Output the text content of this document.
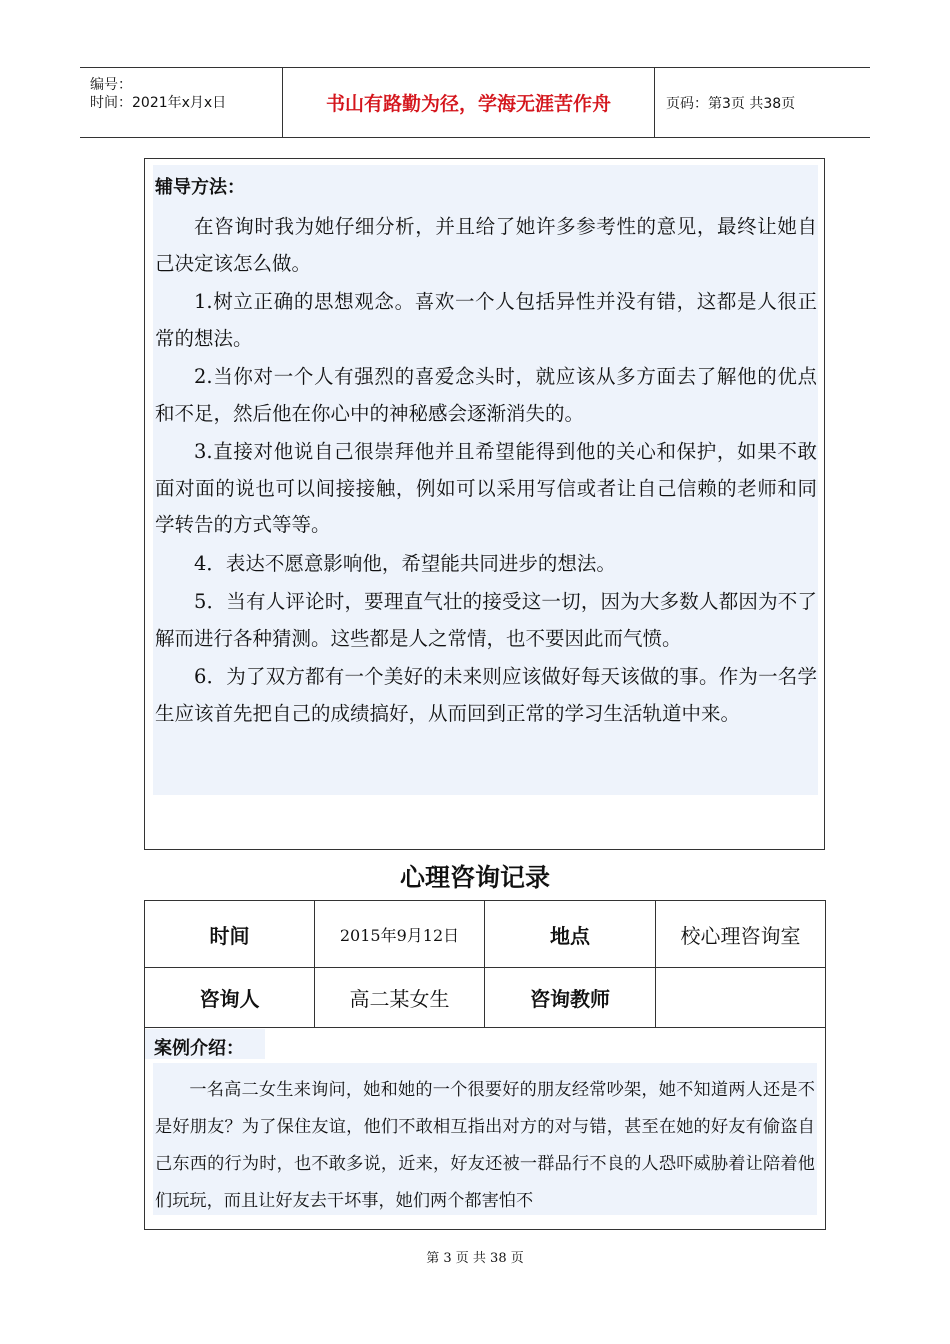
编号：
时间：2021年x月x日	书山有路勤为径，学海无涯苦作舟	页码：第3页 共38页
辅导方法：

在咨询时我为她仔细分析，并且给了她许多参考性的意见，最终让她自己决定该怎么做。

1.树立正确的思想观念。喜欢一个人包括异性并没有错，这都是人很正常的想法。

2.当你对一个人有强烈的喜爱念头时，就应该从多方面去了解他的优点和不足，然后他在你心中的神秘感会逐渐消失的。

3.直接对他说自己很崇拜他并且希望能得到他的关心和保护，如果不敢面对面的说也可以间接接触，例如可以采用写信或者让自己信赖的老师和同学转告的方式等等。

4．表达不愿意影响他，希望能共同进步的想法。

5．当有人评论时，要理直气壮的接受这一切，因为大多数人都因为不了解而进行各种猜测。这些都是人之常情，也不要因此而气愤。

6．为了双方都有一个美好的未来则应该做好每天该做的事。作为一名学生应该首先把自己的成绩搞好，从而回到正常的学习生活轨道中来。

心理咨询记录
时间	2015年9月12日	地点	校心理咨询室
咨询人	高二某女生	咨询教师
案例介绍：

一名高二女生来询问，她和她的一个很要好的朋友经常吵架，她不知道两人还是不是好朋友？为了保住友谊，他们不敢相互指出对方的对与错，甚至在她的好友有偷盗自己东西的行为时，也不敢多说，近来，好友还被一群品行不良的人恐吓威胁着让陪着他们玩玩，而且让好友去干坏事，她们两个都害怕不

第 3 页 共 38 页
